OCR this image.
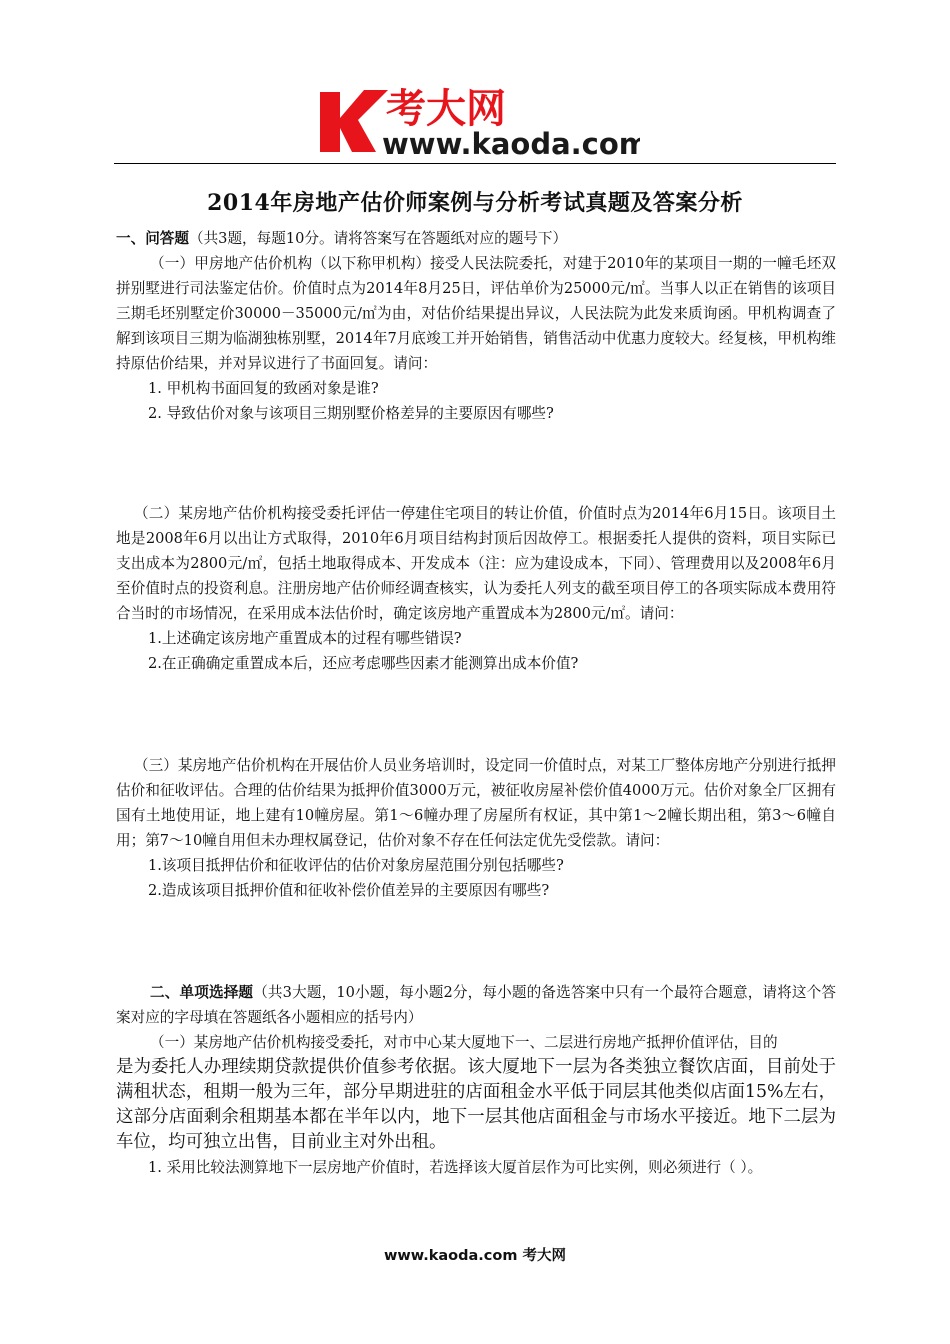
考大网
www.kaoda.com
2014年房地产估价师案例与分析考试真题及答案分析

一、问答题（共3题，每题10分。请将答案写在答题纸对应的题号下）

（一）甲房地产估价机构（以下称甲机构）接受人民法院委托，对建于2010年的某项目一期的一幢毛坯双拼别墅进行司法鉴定估价。价值时点为2014年8月25日，评估单价为25000元/㎡。当事人以正在销售的该项目三期毛坯别墅定价30000－35000元/㎡为由，对估价结果提出异议，人民法院为此发来质询函。甲机构调查了解到该项目三期为临湖独栋别墅，2014年7月底竣工并开始销售，销售活动中优惠力度较大。经复核，甲机构维持原估价结果，并对异议进行了书面回复。请问：

1. 甲机构书面回复的致函对象是谁?

2. 导致估价对象与该项目三期别墅价格差异的主要原因有哪些?

（二）某房地产估价机构接受委托评估一停建住宅项目的转让价值，价值时点为2014年6月15日。该项目土地是2008年6月以出让方式取得，2010年6月项目结构封顶后因故停工。根据委托人提供的资料，项目实际已支出成本为2800元/㎡，包括土地取得成本、开发成本（注：应为建设成本，下同）、管理费用以及2008年6月至价值时点的投资利息。注册房地产估价师经调查核实，认为委托人列支的截至项目停工的各项实际成本费用符合当时的市场情况，在采用成本法估价时，确定该房地产重置成本为2800元/㎡。请问：

1.上述确定该房地产重置成本的过程有哪些错误?

2.在正确确定重置成本后，还应考虑哪些因素才能测算出成本价值?

（三）某房地产估价机构在开展估价人员业务培训时，设定同一价值时点，对某工厂整体房地产分别进行抵押估价和征收评估。合理的估价结果为抵押价值3000万元，被征收房屋补偿价值4000万元。估价对象全厂区拥有国有土地使用证，地上建有10幢房屋。第1～6幢办理了房屋所有权证，其中第1～2幢长期出租，第3～6幢自用；第7～10幢自用但未办理权属登记，估价对象不存在任何法定优先受偿款。请问：

1.该项目抵押估价和征收评估的估价对象房屋范围分别包括哪些?

2.造成该项目抵押价值和征收补偿价值差异的主要原因有哪些?

二、单项选择题（共3大题，10小题，每小题2分，每小题的备选答案中只有一个最符合题意，请将这个答案对应的字母填在答题纸各小题相应的括号内）

（一）某房地产估价机构接受委托，对市中心某大厦地下一、二层进行房地产抵押价值评估，目的

是为委托人办理续期贷款提供价值参考依据。该大厦地下一层为各类独立餐饮店面，目前处于满租状态，租期一般为三年，部分早期进驻的店面租金水平低于同层其他类似店面15%左右，这部分店面剩余租期基本都在半年以内，地下一层其他店面租金与市场水平接近。地下二层为车位，均可独立出售，目前业主对外出租。

1. 采用比较法测算地下一层房地产价值时，若选择该大厦首层作为可比实例，则必须进行（ ）。

www.kaoda.com 考大网
